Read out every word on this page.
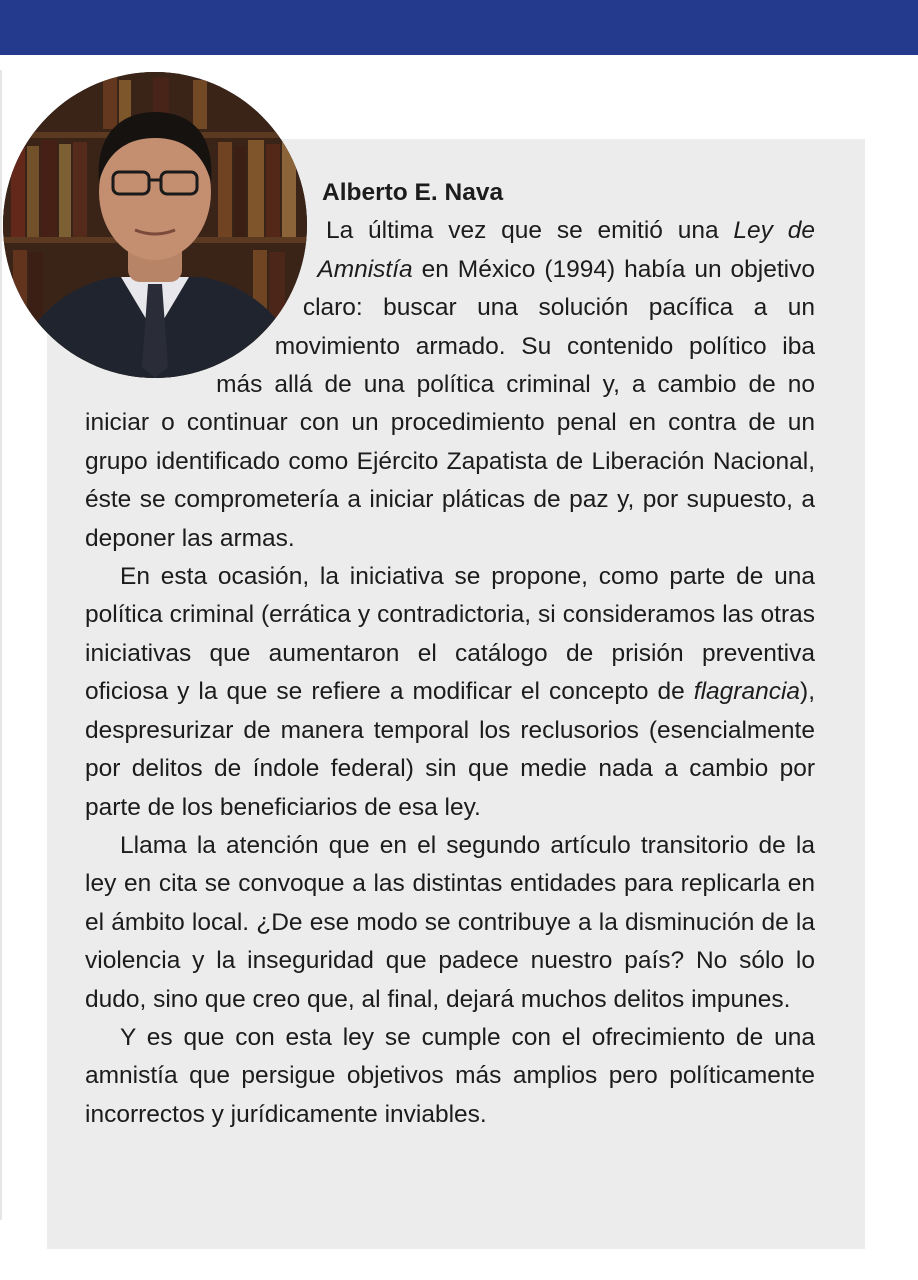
Alberto E. Nava

La última vez que se emitió una Ley de Amnistía en México (1994) había un objetivo claro: buscar una solución pacífica a un movimiento armado. Su contenido político iba más allá de una política criminal y, a cambio de no iniciar o continuar con un procedimiento penal en contra de un grupo identificado como Ejército Zapatista de Liberación Nacional, éste se comprometería a iniciar pláticas de paz y, por supuesto, a deponer las armas.

En esta ocasión, la iniciativa se propone, como parte de una política criminal (errática y contradictoria, si consideramos las otras iniciativas que aumentaron el catálogo de prisión preventiva oficiosa y la que se refiere a modificar el concepto de flagrancia), despresurizar de manera temporal los reclusorios (esencialmente por delitos de índole federal) sin que medie nada a cambio por parte de los beneficiarios de esa ley.

Llama la atención que en el segundo artículo transitorio de la ley en cita se convoque a las distintas entidades para replicarla en el ámbito local. ¿De ese modo se contribuye a la disminución de la violencia y la inseguridad que padece nuestro país? No sólo lo dudo, sino que creo que, al final, dejará muchos delitos impunes.

Y es que con esta ley se cumple con el ofrecimiento de una amnistía que persigue objetivos más amplios pero políticamente incorrectos y jurídicamente inviables.
